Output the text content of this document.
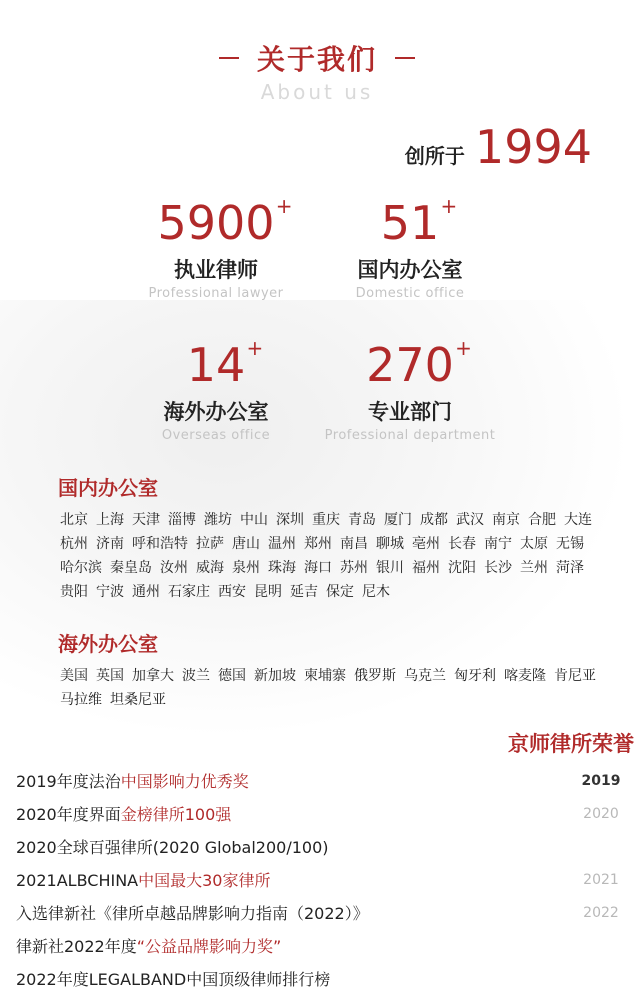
关于我们
About us
创所于 1994
5900 +
执业律师
Professional lawyer
51 +
国内办公室
Domestic office
14 +
海外办公室
Overseas office
270 +
专业部门
Professional department
国内办公室
北京 上海 天津 淄博 潍坊 中山 深圳 重庆 青岛 厦门 成都 武汉 南京 合肥 大连
杭州 济南 呼和浩特 拉萨 唐山 温州 郑州 南昌 聊城 亳州 长春 南宁 太原 无锡
哈尔滨 秦皇岛 汝州 威海 泉州 珠海 海口 苏州 银川 福州 沈阳 长沙 兰州 菏泽
贵阳 宁波 通州 石家庄 西安 昆明 延吉 保定 尼木
海外办公室
美国 英国 加拿大 波兰 德国 新加坡 柬埔寨 俄罗斯 乌克兰 匈牙利 喀麦隆 肯尼亚
马拉维 坦桑尼亚
京师律所荣誉
2019年度法治中国影响力优秀奖	2019
2020年度界面金榜律所100强	2020
2020全球百强律所(2020 Global200/100)
2021ALBCHINA中国最大30家律所	2021
入选律新社《律所卓越品牌影响力指南（2022）》	2022
律新社2022年度“公益品牌影响力奖”
2022年度LEGALBAND中国顶级律师排行榜
